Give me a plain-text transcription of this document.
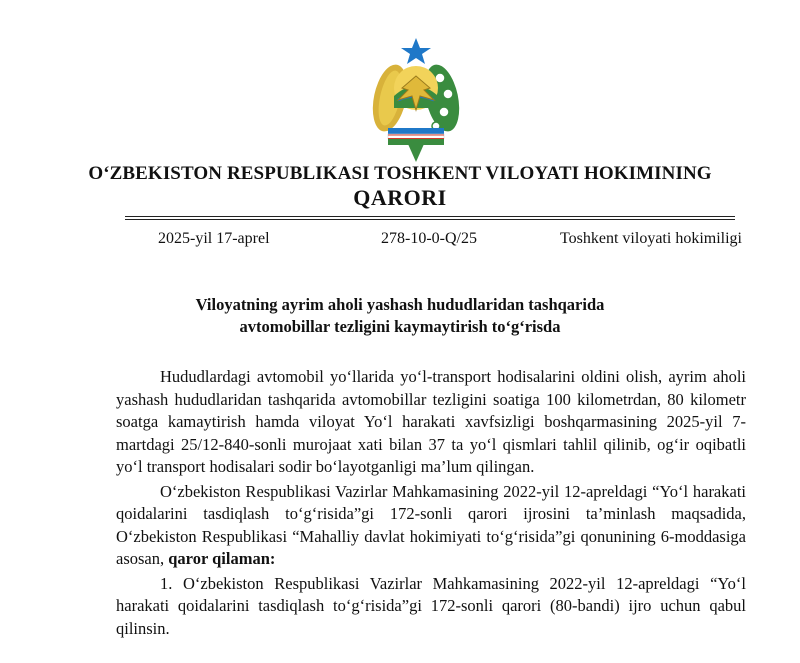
O‘ZBEKISTON RESPUBLIKASI TOSHKENT VILOYATI HOKIMINING
QARORI
2025-yil 17-aprel	278-10-0-Q/25	Toshkent viloyati hokimiligi
Viloyatning ayrim aholi yashash hududlaridan tashqarida
avtomobillar tezligini kaymaytirish to‘g‘risda

Hududlardagi avtomobil yo‘llarida yo‘l-transport hodisalarini oldini olish, ayrim aholi yashash hududlaridan tashqarida avtomobillar tezligini soatiga 100 kilometrdan, 80 kilometr soatga kamaytirish hamda viloyat Yo‘l harakati xavfsizligi boshqarmasining 2025-yil 7-martdagi 25/12-840-sonli murojaat xati bilan 37 ta yo‘l qismlari tahlil qilinib, og‘ir oqibatli yo‘l transport hodisalari sodir bo‘layotganligi ma’lum qilingan.

O‘zbekiston Respublikasi Vazirlar Mahkamasining 2022-yil 12-apreldagi “Yo‘l harakati qoidalarini tasdiqlash to‘g‘risida”gi 172-sonli qarori ijrosini ta’minlash maqsadida, O‘zbekiston Respublikasi “Mahalliy davlat hokimiyati to‘g‘risida”gi qonunining 6-moddasiga asosan, qaror qilaman:

1. O‘zbekiston Respublikasi Vazirlar Mahkamasining 2022-yil 12-apreldagi “Yo‘l harakati qoidalarini tasdiqlash to‘g‘risida”gi 172-sonli qarori (80-bandi) ijro uchun qabul qilinsin.
